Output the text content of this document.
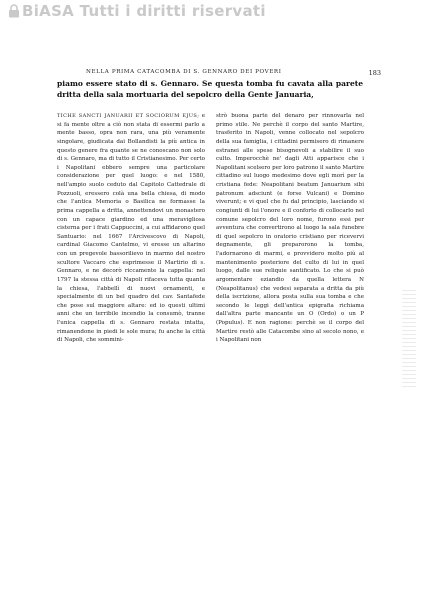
BiASA Tutti i diritti riservati
NELLA PRIMA CATACOMBA DI S. GENNARO DEI POVERI	183
piamo essere stato di s. Gennaro. Se questa tomba fu cavata alla parete dritta della sala mortuaria del sepolcro della Gente Januaria,

TICHE SANCTI JANUARII ET SOCIORUM EJUS; e si fa mente oltre a ciò non stata di essermi parlo a mente basso, opra non rara, una più veramente singolare, giudicata dai Bollandisti la più antica in questo genere fra quante se ne conoscano non solo di s. Gennaro, ma di tutto il Cristianesimo. Per certo i Napolitani ebbero sempre una particolare considerazione per quel luogo: e nel 1580, nell'ampio suolo ceduto dal Capitolo Cattedrale di Pozzuoli, eressero colà una bella chiesa, di modo che l'antica Memoria o Basilica ne formasse la prima cappella a dritta, annettendovi un monastero con un capace giardino ed una meravigliosa cisterna per i frati Cappuccini, a cui affidarono quel Santuario: nel 1667 l'Arcivescovo di Napoli, cardinal Giacomo Cantelmo, vi eresse un altarino con un pregevole bassorilievo in marmo del nostro scultore Vaccaro che esprimesse il Martirio di s. Gennaro, e ne decorò riccamente la cappella: nel 1797 la stessa città di Napoli rifaceva tutta quanta la chiesa, l'abbellì di nuovi ornamenti, e specialmente di un bel quadro del cav. Santafede che pose sul maggiore altare: ed io questi ultimi anni che un terribile incendio la consumò, tranne l'unica cappella di s. Gennaro restata intatta, rimanendone in piedi le sole mura; fu anche la città di Napoli, che sommini-

strò buona parte del denaro per rinnovarla nel primo stile. Ne perchè il corpo del santo Martire, trasferito in Napoli, venne collocato nel sepolcro della sua famiglia, i cittadini permisero di rimanere estranei alle spese bisognevoli a stabilire il suo culto. Imperocchè ne' dagli Atti apparisce che i Napolitani scelsero per loro patrono il santo Martire cittadino sul luogo medesimo dove egli morì per la cristiana fede: Neapolitani beatum Januarium sibi patronum adsciunt (e forse Vulcani) e Domino viverunt; e vi quel che fu dal principio, lasciando si congiunti di lui l'onore e il conforto di collocarlo nel comune sepolcro del loro nome, furono essi per avventura che convertirono al luogo la sala funebre di quel sepolcro in oratorio cristiano per ricevervi degnamente, gli preparorono la tomba, l'adornarono di marmi, e provvidero molto più al mantenimento posteriore del culto di lui in quel luogo, dalle sue reliquie santificato. Lo che si può argomentare eziandio da quella lettera N (Neapolitanus) che vedesi separata a dritta da più della iscrizione, allora posta sulla sua tomba e che secondo le leggi dell'antica epigrafia richiama dall'altra parte mancante un O (Ordo) o un P (Populus). E non ragione: perchè se il corpo del Martire restò alle Catacombe sino al secolo nono, e i Napolitani non
